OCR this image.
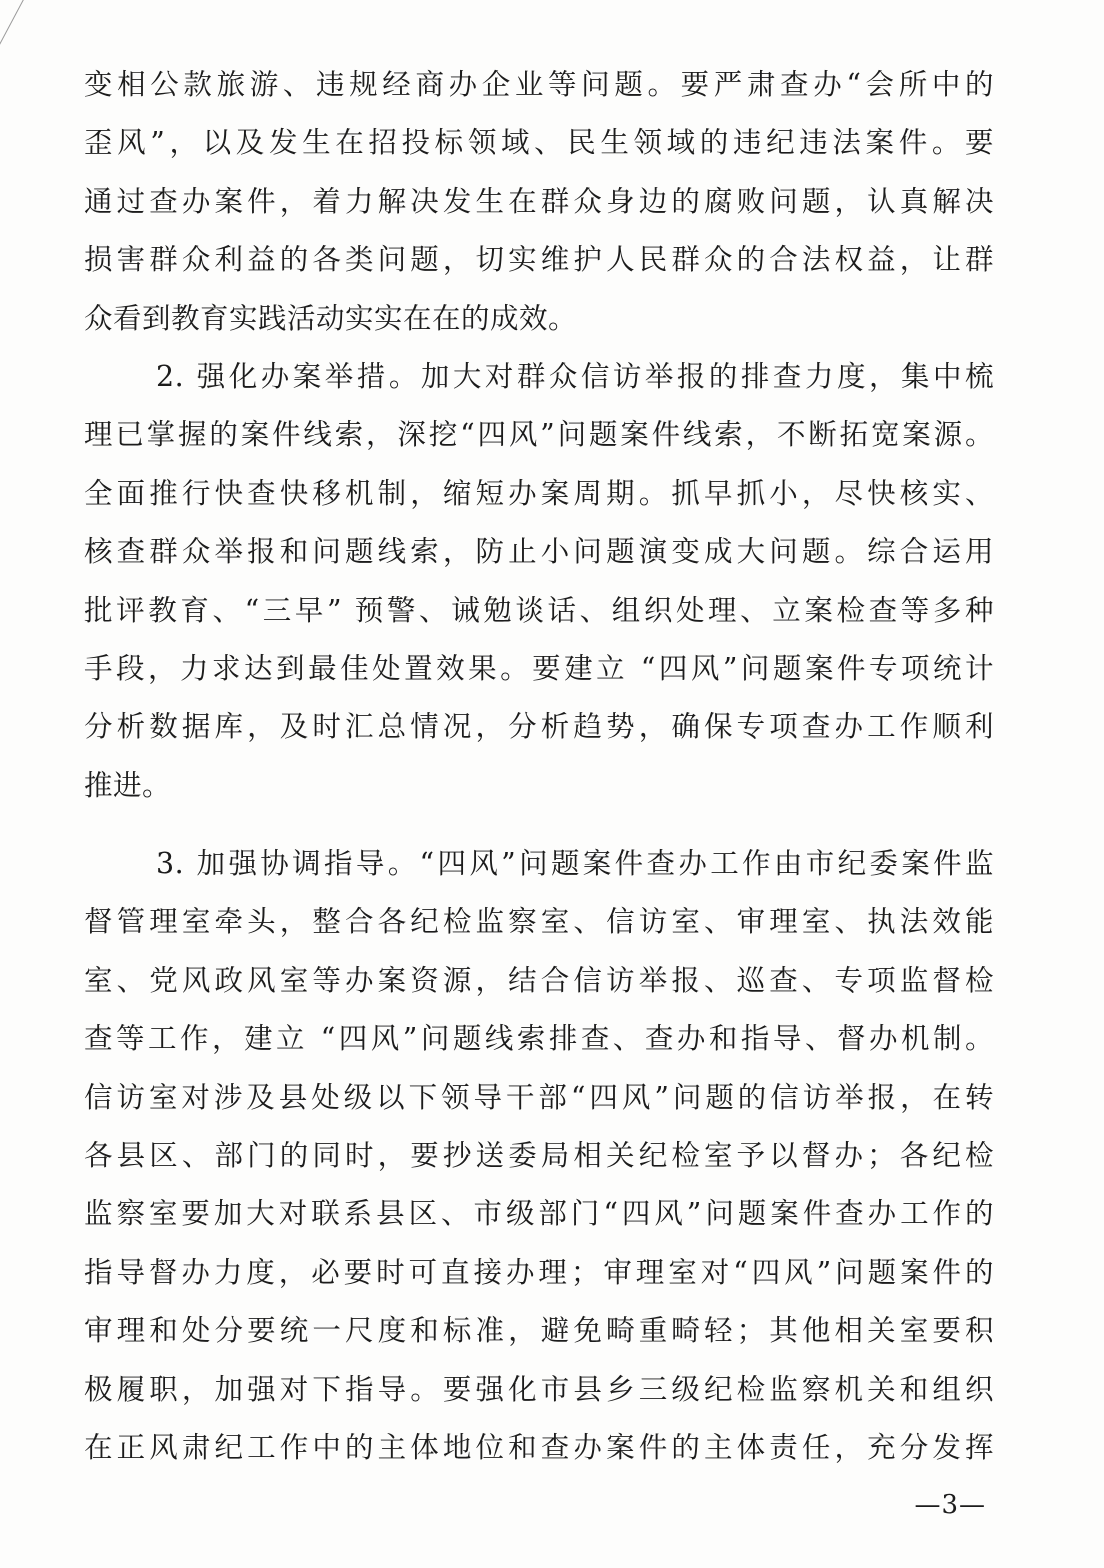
变相公款旅游、违规经商办企业等问题。要严肃查办“会所中的
歪风”，以及发生在招投标领域、民生领域的违纪违法案件。要
通过查办案件，着力解决发生在群众身边的腐败问题，认真解决
损害群众利益的各类问题，切实维护人民群众的合法权益，让群
众看到教育实践活动实实在在的成效。
2. 强化办案举措。加大对群众信访举报的排查力度，集中梳
理已掌握的案件线索，深挖“四风”问题案件线索，不断拓宽案源。
全面推行快查快移机制，缩短办案周期。抓早抓小，尽快核实、
核查群众举报和问题线索，防止小问题演变成大问题。综合运用
批评教育、“三早” 预警、诫勉谈话、组织处理、立案检查等多种
手段，力求达到最佳处置效果。要建立 “四风”问题案件专项统计
分析数据库，及时汇总情况，分析趋势，确保专项查办工作顺利
推进。
3. 加强协调指导。“四风”问题案件查办工作由市纪委案件监
督管理室牵头，整合各纪检监察室、信访室、审理室、执法效能
室、党风政风室等办案资源，结合信访举报、巡查、专项监督检
查等工作，建立 “四风”问题线索排查、查办和指导、督办机制。
信访室对涉及县处级以下领导干部“四风”问题的信访举报，在转
各县区、部门的同时，要抄送委局相关纪检室予以督办；各纪检
监察室要加大对联系县区、市级部门“四风”问题案件查办工作的
指导督办力度，必要时可直接办理；审理室对“四风”问题案件的
审理和处分要统一尺度和标准，避免畸重畸轻；其他相关室要积
极履职，加强对下指导。要强化市县乡三级纪检监察机关和组织
在正风肃纪工作中的主体地位和查办案件的主体责任，充分发挥
—3—
